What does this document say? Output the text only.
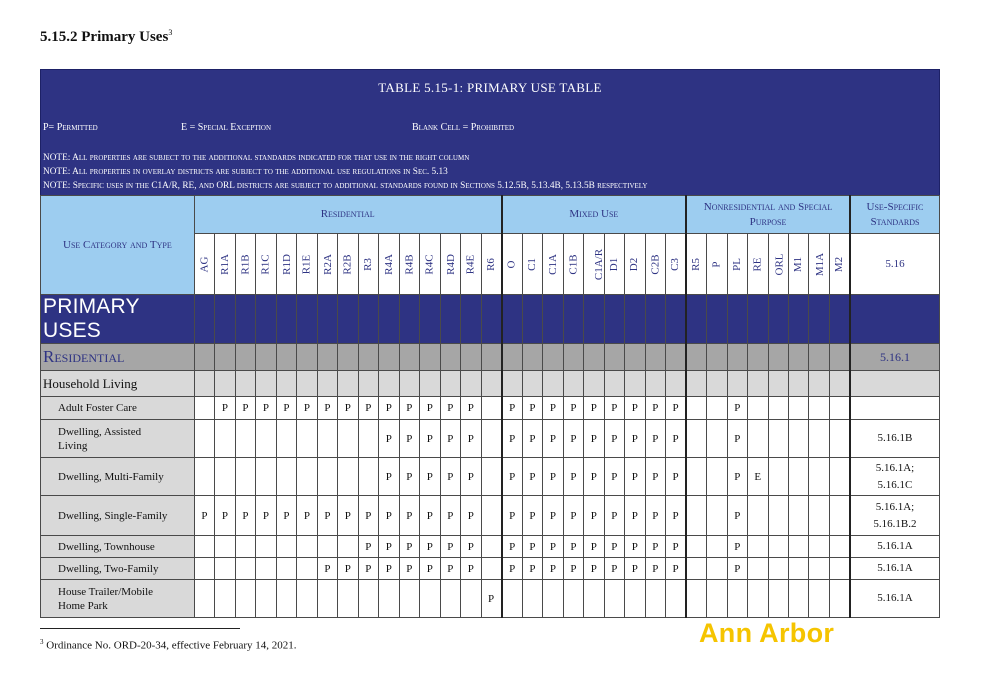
5.15.2 Primary Uses$^3$
TABLE 5.15-1: PRIMARY USE TABLE
P= Permitted	E = Special Exception	Blank Cell = Prohibited
NOTE: All properties are subject to the additional standards indicated for that use in the right column
NOTE: All properties in overlay districts are subject to the additional use regulations in Sec. 5.13
NOTE: Specific uses in the C1A/R, RE, and ORL districts are subject to additional standards found in Sections 5.12.5B, 5.13.4B, 5.13.5B respectively
Use Category and Type	Residential															Mixed Use									Nonresidential and Special Purpose								Use-Specific Standards
	AG	R1A	R1B	R1C	R1D	R1E	R2A	R2B	R3	R4A	R4B	R4C	R4D	R4E	R6	O	C1	C1A	C1B	C1A/R	D1	D2	C2B	C3	R5	P	PL	RE	ORL	M1	M1A	M2	5.16
PRIMARY USES																																	
Residential																																	5.16.1
Household Living																																	
Adult Foster Care		P	P	P	P	P	P	P	P	P	P	P	P	P		P	P	P	P	P	P	P	P	P			P						
Dwelling, Assisted Living										P	P	P	P	P		P	P	P	P	P	P	P	P	P			P						5.16.1B

Dwelling, Multi-Family										P	P	P	P	P		P	P	P	P	P	P	P	P	P			P	E					5.16.1A;
5.16.1C

Dwelling, Single-Family	P	P	P	P	P	P	P	P	P	P	P	P	P	P		P	P	P	P	P	P	P	P	P			P						5.16.1A;
5.16.1B.2

Dwelling, Townhouse									P	P	P	P	P	P		P	P	P	P	P	P	P	P	P			P						5.16.1A

Dwelling, Two-Family							P	P	P	P	P	P	P	P		P	P	P	P	P	P	P	P	P			P						5.16.1A

House Trailer/Mobile Home Park															P																		5.16.1A
$^3$ Ordinance No. ORD-20-34, effective February 14, 2021.	Ann Arbor
